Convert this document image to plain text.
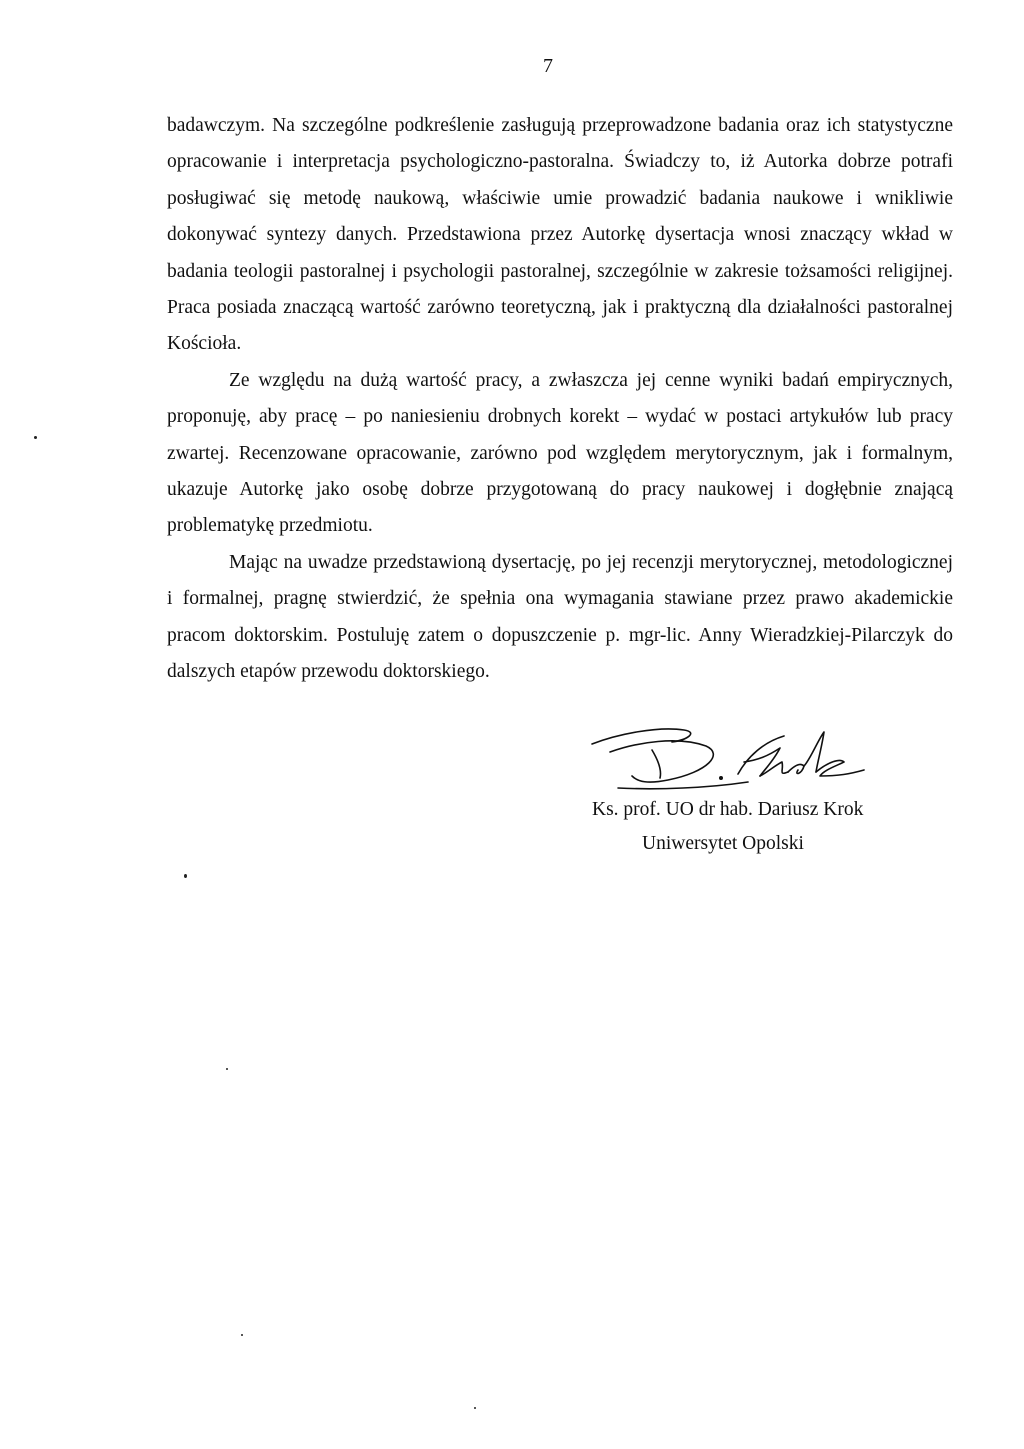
7

badawczym. Na szczególne podkreślenie zasługują przeprowadzone badania oraz ich statystyczne opracowanie i interpretacja psychologiczno-pastoralna. Świadczy to, iż Autorka dobrze potrafi posługiwać się metodę naukową, właściwie umie prowadzić badania naukowe i wnikliwie dokonywać syntezy danych. Przedstawiona przez Autorkę dysertacja wnosi znaczący wkład w badania teologii pastoralnej i psychologii pastoralnej, szczególnie w zakresie tożsamości religijnej. Praca posiada znaczącą wartość zarówno teoretyczną, jak i praktyczną dla działalności pastoralnej Kościoła.

Ze względu na dużą wartość pracy, a zwłaszcza jej cenne wyniki badań empirycznych, proponuję, aby pracę – po naniesieniu drobnych korekt – wydać w postaci artykułów lub pracy zwartej. Recenzowane opracowanie, zarówno pod względem merytorycznym, jak i formalnym, ukazuje Autorkę jako osobę dobrze przygotowaną do pracy naukowej i dogłębnie znającą problematykę przedmiotu.

Mając na uwadze przedstawioną dysertację, po jej recenzji merytorycznej, metodologicznej i formalnej, pragnę stwierdzić, że spełnia ona wymagania stawiane przez prawo akademickie pracom doktorskim. Postuluję zatem o dopuszczenie p. mgr-lic. Anny Wieradzkiej-Pilarczyk do dalszych etapów przewodu doktorskiego.

Ks. prof. UO dr hab. Dariusz Krok
Uniwersytet Opolski
